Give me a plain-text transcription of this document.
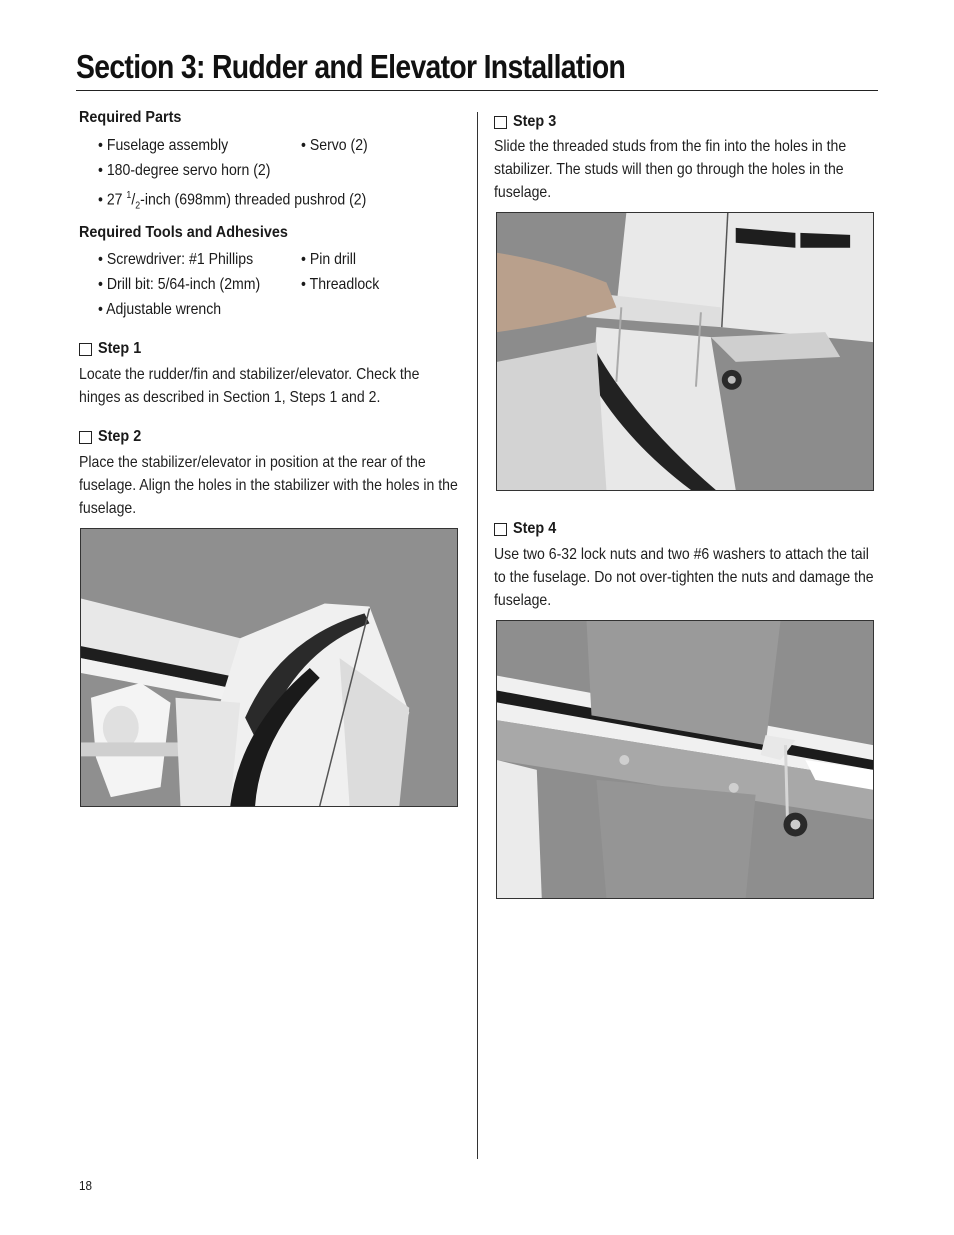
Section 3: Rudder and Elevator Installation

Required Parts

• Fuselage assembly	• Servo (2)
• 180-degree servo horn (2)
• 27 $^1/_2$-inch (698mm) threaded pushrod (2)

Required Tools and Adhesives

• Screwdriver: #1 Phillips	• Pin drill
• Drill bit: 5/64-inch (2mm)	• Threadlock
• Adjustable wrench
Step 1

Locate the rudder/fin and stabilizer/elevator. Check the hinges as described in Section 1, Steps 1 and 2.

Step 2

Place the stabilizer/elevator in position at the rear of the fuselage. Align the holes in the stabilizer with the holes in the fuselage.

Step 3

Slide the threaded studs from the fin into the holes in the stabilizer. The studs will then go through the holes in the fuselage.

Step 4

Use two 6-32 lock nuts and two #6 washers to attach the tail to the fuselage. Do not over-tighten the nuts and damage the fuselage.

18
